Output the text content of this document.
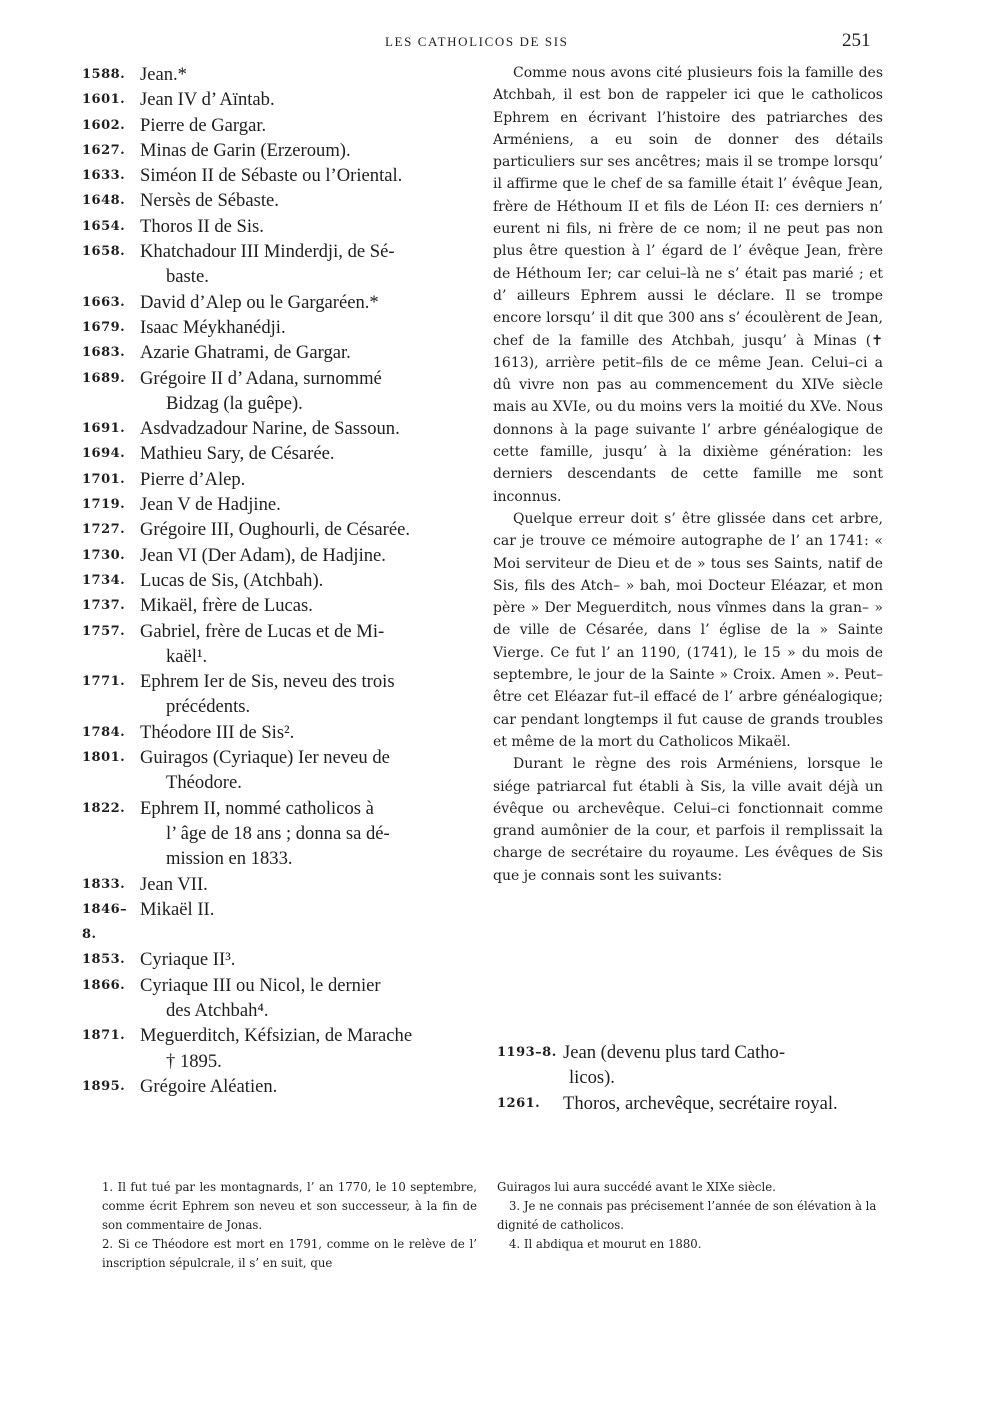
LES CATHOLICOS DE SIS	251
1588. Jean.*
1601. Jean IV d’ Aïntab.
1602. Pierre de Gargar.
1627. Minas de Garin (Erzeroum).
1633. Siméon II de Sébaste ou l’Oriental.
1648. Nersès de Sébaste.
1654. Thoros II de Sis.
1658. Khatchadour III Minderdji, de Sé-
baste.
1663. David d’Alep ou le Gargaréen.*
1679. Isaac Méykhanédji.
1683. Azarie Ghatrami, de Gargar.
1689. Grégoire II d’ Adana, surnommé
Bidzag (la guêpe).
1691. Asdvadzadour Narine, de Sassoun.
1694. Mathieu Sary, de Césarée.
1701. Pierre d’Alep.
1719. Jean V de Hadjine.
1727. Grégoire III, Oughourli, de Césarée.
1730. Jean VI (Der Adam), de Hadjine.
1734. Lucas de Sis, (Atchbah).
1737. Mikaël, frère de Lucas.
1757. Gabriel, frère de Lucas et de Mi-
kaël¹.
1771. Ephrem Ier de Sis, neveu des trois
précédents.
1784. Théodore III de Sis².
1801. Guiragos (Cyriaque) Ier neveu de
Théodore.
1822. Ephrem II, nommé catholicos à
l’ âge de 18 ans ; donna sa dé-
mission en 1833.
1833. Jean VII.
1846–8.
Mikaël II.
1853. Cyriaque II³.
1866. Cyriaque III ou Nicol, le dernier
des Atchbah⁴.
1871. Meguerditch, Kéfsizian, de Marache
† 1895.
1895. Grégoire Aléatien.

Comme nous avons cité plusieurs fois la famille des Atchbah, il est bon de rappeler ici que le catholicos Ephrem en écrivant l’histoire des patriarches des Arméniens, a eu soin de donner des détails particuliers sur ses ancêtres; mais il se trompe lorsqu’ il affirme que le chef de sa famille était l’ évêque Jean, frère de Héthoum II et fils de Léon II: ces derniers n’ eurent ni fils, ni frère de ce nom; il ne peut pas non plus être question à l’ égard de l’ évêque Jean, frère de Héthoum Ier; car celui–là ne s’ était pas marié ; et d’ ailleurs Ephrem aussi le déclare. Il se trompe encore lorsqu’ il dit que 300 ans s’ écoulèrent de Jean, chef de la famille des Atchbah, jusqu’ à Minas (✝ 1613), arrière petit–fils de ce même Jean. Celui–ci a dû vivre non pas au commencement du XIVe siècle mais au XVIe, ou du moins vers la moitié du XVe. Nous donnons à la page suivante l’ arbre généalogique de cette famille, jusqu’ à la dixième génération: les derniers descendants de cette famille me sont inconnus.

Quelque erreur doit s’ être glissée dans cet arbre, car je trouve ce mémoire autographe de l’ an 1741: « Moi serviteur de Dieu et de » tous ses Saints, natif de Sis, fils des Atch– » bah, moi Docteur Eléazar, et mon père » Der Meguerditch, nous vînmes dans la gran– » de ville de Césarée, dans l’ église de la » Sainte Vierge. Ce fut l’ an 1190, (1741), le 15 » du mois de septembre, le jour de la Sainte » Croix. Amen ». Peut–être cet Eléazar fut–il effacé de l’ arbre généalogique; car pendant longtemps il fut cause de grands troubles et même de la mort du Catholicos Mikaël.

Durant le règne des rois Arméniens, lorsque le siége patriarcal fut établi à Sis, la ville avait déjà un évêque ou archevêque. Celui–ci fonctionnait comme grand aumônier de la cour, et parfois il remplissait la charge de secrétaire du royaume. Les évêques de Sis que je connais sont les suivants:

1193–8. Jean (devenu plus tard Catho-
licos).
1261.	Thoros, archevêque, secrétaire royal.

1. Il fut tué par les montagnards, l’ an 1770, le 10 septembre, comme écrit Ephrem son neveu et son successeur, à la fin de son commentaire de Jonas.

2. Si ce Théodore est mort en 1791, comme on le relève de l’ inscription sépulcrale, il s’ en suit, que

Guiragos lui aura succédé avant le XIXe siècle.

3. Je ne connais pas précisement l’année de son élévation à la dignité de catholicos.

4. Il abdiqua et mourut en 1880.
